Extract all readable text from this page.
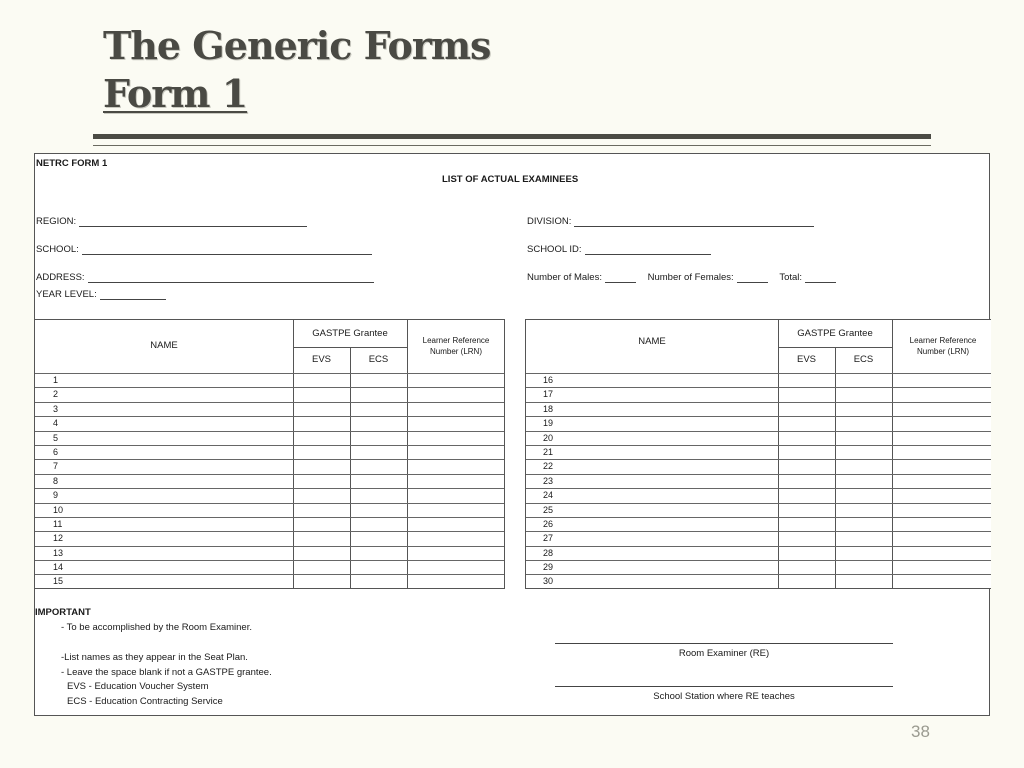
The Generic Forms
Form 1
NETRC FORM 1
LIST OF ACTUAL EXAMINEES
REGION:	DIVISION:
SCHOOL:	SCHOOL ID:
ADDRESS:	Number of Males:	Number of Females:	Total:
YEAR LEVEL:
NAME
GASTPE Grantee
EVS	ECS
Learner Reference Number (LRN)
1
2
3
4
5
6
7
8
9
10
11
12
13
14
15
NAME
GASTPE Grantee
EVS	ECS
Learner Reference Number (LRN)
16
17
18
19
20
21
22
23
24
25
26
27
28
29
30
IMPORTANT
- To be accomplished by the Room Examiner.
-List names as they appear in the Seat Plan.
- Leave the space blank if not a GASTPE grantee.
EVS - Education Voucher System
ECS - Education Contracting Service
Room Examiner (RE)
School Station where RE teaches
38
